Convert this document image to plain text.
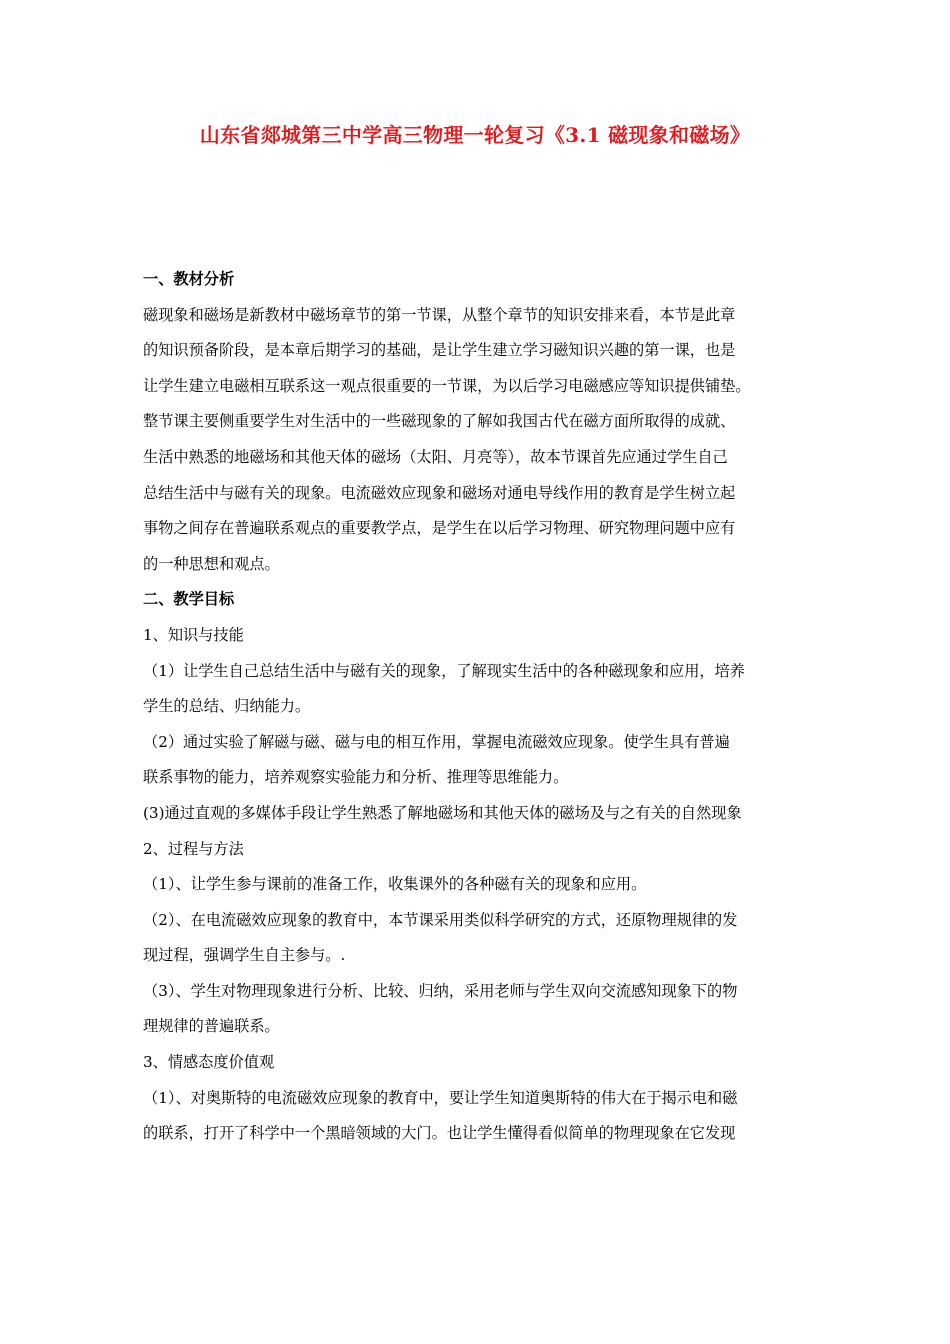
山东省郯城第三中学高三物理一轮复习《3.1 磁现象和磁场》
一、教材分析
磁现象和磁场是新教材中磁场章节的第一节课，从整个章节的知识安排来看，本节是此章
的知识预备阶段，是本章后期学习的基础，是让学生建立学习磁知识兴趣的第一课，也是
让学生建立电磁相互联系这一观点很重要的一节课，为以后学习电磁感应等知识提供铺垫。
整节课主要侧重要学生对生活中的一些磁现象的了解如我国古代在磁方面所取得的成就、
生活中熟悉的地磁场和其他天体的磁场（太阳、月亮等），故本节课首先应通过学生自己
总结生活中与磁有关的现象。电流磁效应现象和磁场对通电导线作用的教育是学生树立起
事物之间存在普遍联系观点的重要教学点，是学生在以后学习物理、研究物理问题中应有
的一种思想和观点。
二、教学目标
1、知识与技能
（1）让学生自己总结生活中与磁有关的现象，了解现实生活中的各种磁现象和应用，培养
学生的总结、归纳能力。
（2）通过实验了解磁与磁、磁与电的相互作用，掌握电流磁效应现象。使学生具有普遍
联系事物的能力，培养观察实验能力和分析、推理等思维能力。
(3)通过直观的多媒体手段让学生熟悉了解地磁场和其他天体的磁场及与之有关的自然现象
2、过程与方法
（1）、让学生参与课前的准备工作，收集课外的各种磁有关的现象和应用。
（2）、在电流磁效应现象的教育中，本节课采用类似科学研究的方式，还原物理规律的发
现过程，强调学生自主参与。.
（3）、学生对物理现象进行分析、比较、归纳，采用老师与学生双向交流感知现象下的物
理规律的普遍联系。
3、情感态度价值观
（1）、对奥斯特的电流磁效应现象的教育中，要让学生知道奥斯特的伟大在于揭示电和磁
的联系，打开了科学中一个黑暗领域的大门。也让学生懂得看似简单的物理现象在它发现
